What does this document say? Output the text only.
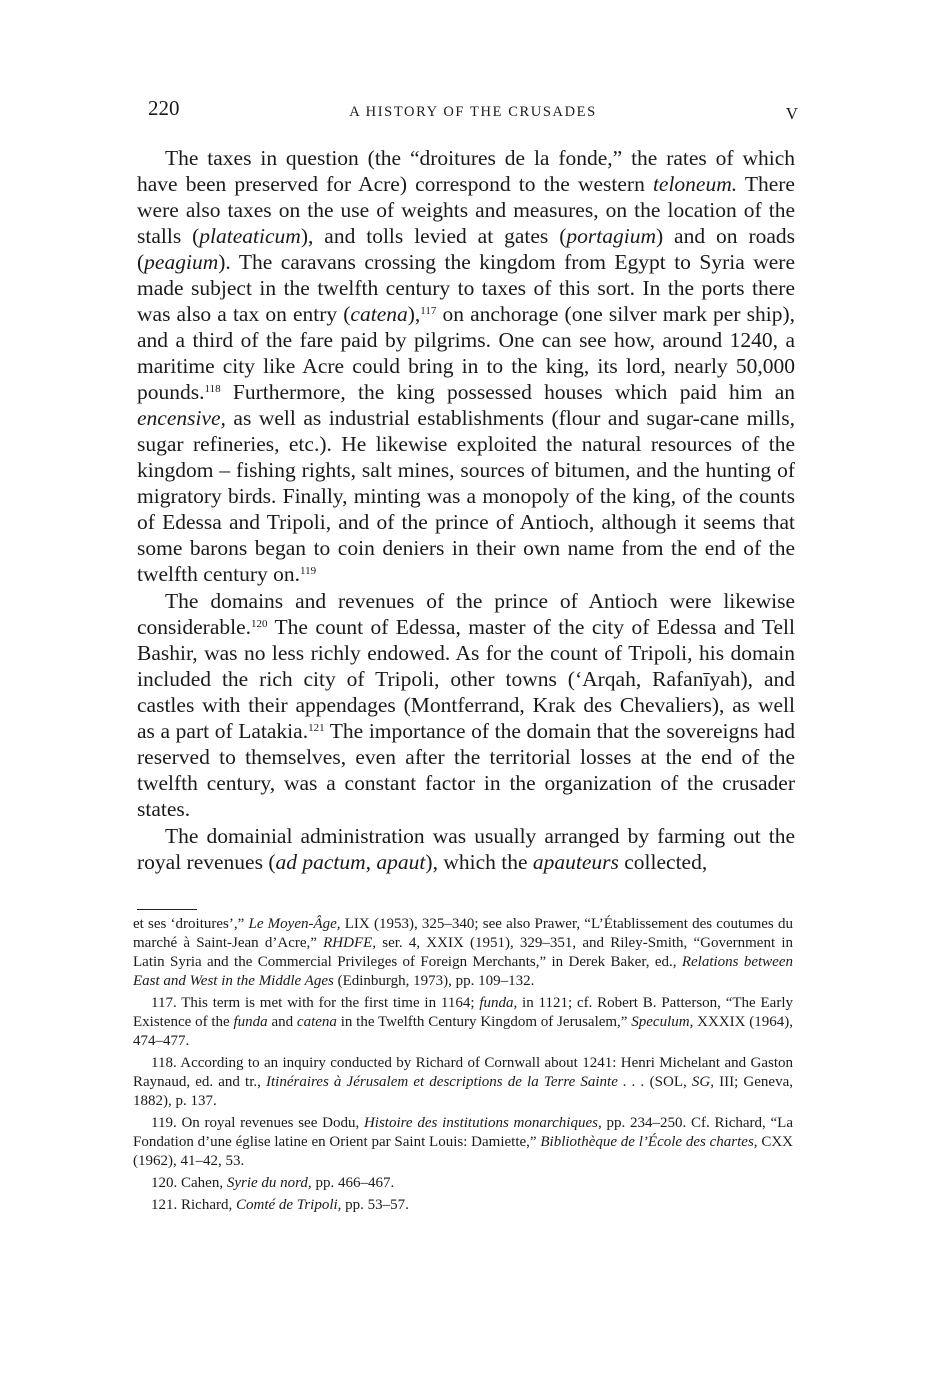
220	A HISTORY OF THE CRUSADES	V

The taxes in question (the “droitures de la fonde,” the rates of which have been preserved for Acre) correspond to the western teloneum. There were also taxes on the use of weights and measures, on the location of the stalls (plateaticum), and tolls levied at gates (portagium) and on roads (peagium). The caravans crossing the kingdom from Egypt to Syria were made subject in the twelfth century to taxes of this sort. In the ports there was also a tax on entry (catena),$^{117}$ on anchorage (one silver mark per ship), and a third of the fare paid by pilgrims. One can see how, around 1240, a maritime city like Acre could bring in to the king, its lord, nearly 50,000 pounds.$^{118}$ Furthermore, the king possessed houses which paid him an encensive, as well as industrial establishments (flour and sugar-cane mills, sugar refineries, etc.). He likewise exploited the natural resources of the kingdom – fishing rights, salt mines, sources of bitumen, and the hunting of migratory birds. Finally, minting was a monopoly of the king, of the counts of Edessa and Tripoli, and of the prince of Antioch, although it seems that some barons began to coin deniers in their own name from the end of the twelfth century on.$^{119}$

The domains and revenues of the prince of Antioch were likewise considerable.$^{120}$ The count of Edessa, master of the city of Edessa and Tell Bashir, was no less richly endowed. As for the count of Tripoli, his domain included the rich city of Tripoli, other towns (‘Arqah, Rafanīyah), and castles with their appendages (Montferrand, Krak des Chevaliers), as well as a part of Latakia.$^{121}$ The importance of the domain that the sovereigns had reserved to themselves, even after the territorial losses at the end of the twelfth century, was a constant factor in the organization of the crusader states.

The domainial administration was usually arranged by farming out the royal revenues (ad pactum, apaut), which the apauteurs collected,

et ses ‘droitures’,” Le Moyen-Âge, LIX (1953), 325–340; see also Prawer, “L’Établissement des coutumes du marché à Saint-Jean d’Acre,” RHDFE, ser. 4, XXIX (1951), 329–351, and Riley-Smith, “Government in Latin Syria and the Commercial Privileges of Foreign Merchants,” in Derek Baker, ed., Relations between East and West in the Middle Ages (Edinburgh, 1973), pp. 109–132.

117. This term is met with for the first time in 1164; funda, in 1121; cf. Robert B. Patterson, “The Early Existence of the funda and catena in the Twelfth Century Kingdom of Jerusalem,” Speculum, XXXIX (1964), 474–477.

118. According to an inquiry conducted by Richard of Cornwall about 1241: Henri Michelant and Gaston Raynaud, ed. and tr., Itinéraires à Jérusalem et descriptions de la Terre Sainte . . . (SOL, SG, III; Geneva, 1882), p. 137.

119. On royal revenues see Dodu, Histoire des institutions monarchiques, pp. 234–250. Cf. Richard, “La Fondation d’une église latine en Orient par Saint Louis: Damiette,” Bibliothèque de l’École des chartes, CXX (1962), 41–42, 53.

120. Cahen, Syrie du nord, pp. 466–467.

121. Richard, Comté de Tripoli, pp. 53–57.
